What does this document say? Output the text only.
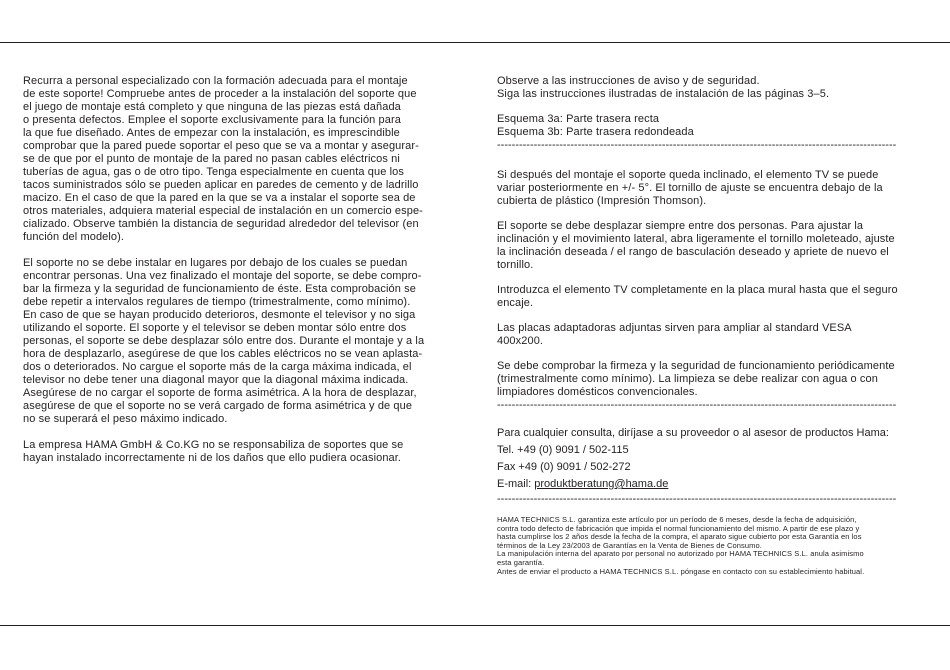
Recurra a personal especializado con la formación adecuada para el montaje
de este soporte! Compruebe antes de proceder a la instalación del soporte que
el juego de montaje está completo y que ninguna de las piezas está dañada
o presenta defectos. Emplee el soporte exclusivamente para la función para
la que fue diseñado. Antes de empezar con la instalación, es imprescindible
comprobar que la pared puede soportar el peso que se va a montar y asegurar-
se de que por el punto de montaje de la pared no pasan cables eléctricos ni
tuberías de agua, gas o de otro tipo. Tenga especialmente en cuenta que los
tacos suministrados sólo se pueden aplicar en paredes de cemento y de ladrillo
macizo. En el caso de que la pared en la que se va a instalar el soporte sea de
otros materiales, adquiera material especial de instalación en un comercio espe-
cializado. Observe también la distancia de seguridad alrededor del televisor (en
función del modelo).

El soporte no se debe instalar en lugares por debajo de los cuales se puedan
encontrar personas. Una vez finalizado el montaje del soporte, se debe compro-
bar la firmeza y la seguridad de funcionamiento de éste. Esta comprobación se
debe repetir a intervalos regulares de tiempo (trimestralmente, como mínimo).
En caso de que se hayan producido deterioros, desmonte el televisor y no siga
utilizando el soporte. El soporte y el televisor se deben montar sólo entre dos
personas, el soporte se debe desplazar sólo entre dos. Durante el montaje y a la
hora de desplazarlo, asegúrese de que los cables eléctricos no se vean aplasta-
dos o deteriorados. No cargue el soporte más de la carga máxima indicada, el
televisor no debe tener una diagonal mayor que la diagonal máxima indicada.
Asegúrese de no cargar el soporte de forma asimétrica. A la hora de desplazar,
asegúrese de que el soporte no se verá cargado de forma asimétrica y de que
no se superará el peso máximo indicado.

La empresa HAMA GmbH & Co.KG no se responsabiliza de soportes que se
hayan instalado incorrectamente ni de los daños que ello pudiera ocasionar.

Observe a las instrucciones de aviso y de seguridad.
Siga las instrucciones ilustradas de instalación de las páginas 3–5.

Esquema 3a: Parte trasera recta
Esquema 3b: Parte trasera redondeada

-------------------------------------------------------------------------------------------------------------

Si después del montaje el soporte queda inclinado, el elemento TV se puede
variar posteriormente en +/- 5°. El tornillo de ajuste se encuentra debajo de la
cubierta de plástico (Impresión Thomson).

El soporte se debe desplazar siempre entre dos personas. Para ajustar la
inclinación y el movimiento lateral, abra ligeramente el tornillo moleteado, ajuste
la inclinación deseada / el rango de basculación deseado y apriete de nuevo el
tornillo.

Introduzca el elemento TV completamente en la placa mural hasta que el seguro
encaje.

Las placas adaptadoras adjuntas sirven para ampliar al standard VESA
400x200.

Se debe comprobar la firmeza y la seguridad de funcionamiento periódicamente
(trimestralmente como mínimo). La limpieza se debe realizar con agua o con
limpiadores domésticos convencionales.

-------------------------------------------------------------------------------------------------------------

Para cualquier consulta, diríjase a su proveedor o al asesor de productos Hama:

Tel. +49 (0) 9091 / 502-115

Fax +49 (0) 9091 / 502-272

E-mail: produktberatung@hama.de

-------------------------------------------------------------------------------------------------------------

HAMA TECHNICS S.L. garantiza este artículo por un período de 6 meses, desde la fecha de adquisición,
contra todo defecto de fabricación que impida el normal funcionamiento del mismo. A partir de ese plazo y
hasta cumplirse los 2 años desde la fecha de la compra, el aparato sigue cubierto por esta Garantía en los
términos de la Ley 23/2003 de Garantías en la Venta de Bienes de Consumo.
La manipulación interna del aparato por personal no autorizado por HAMA TECHNICS S.L. anula asimismo
esta garantía.
Antes de enviar el producto a HAMA TECHNICS S.L. póngase en contacto con su establecimiento habitual.
